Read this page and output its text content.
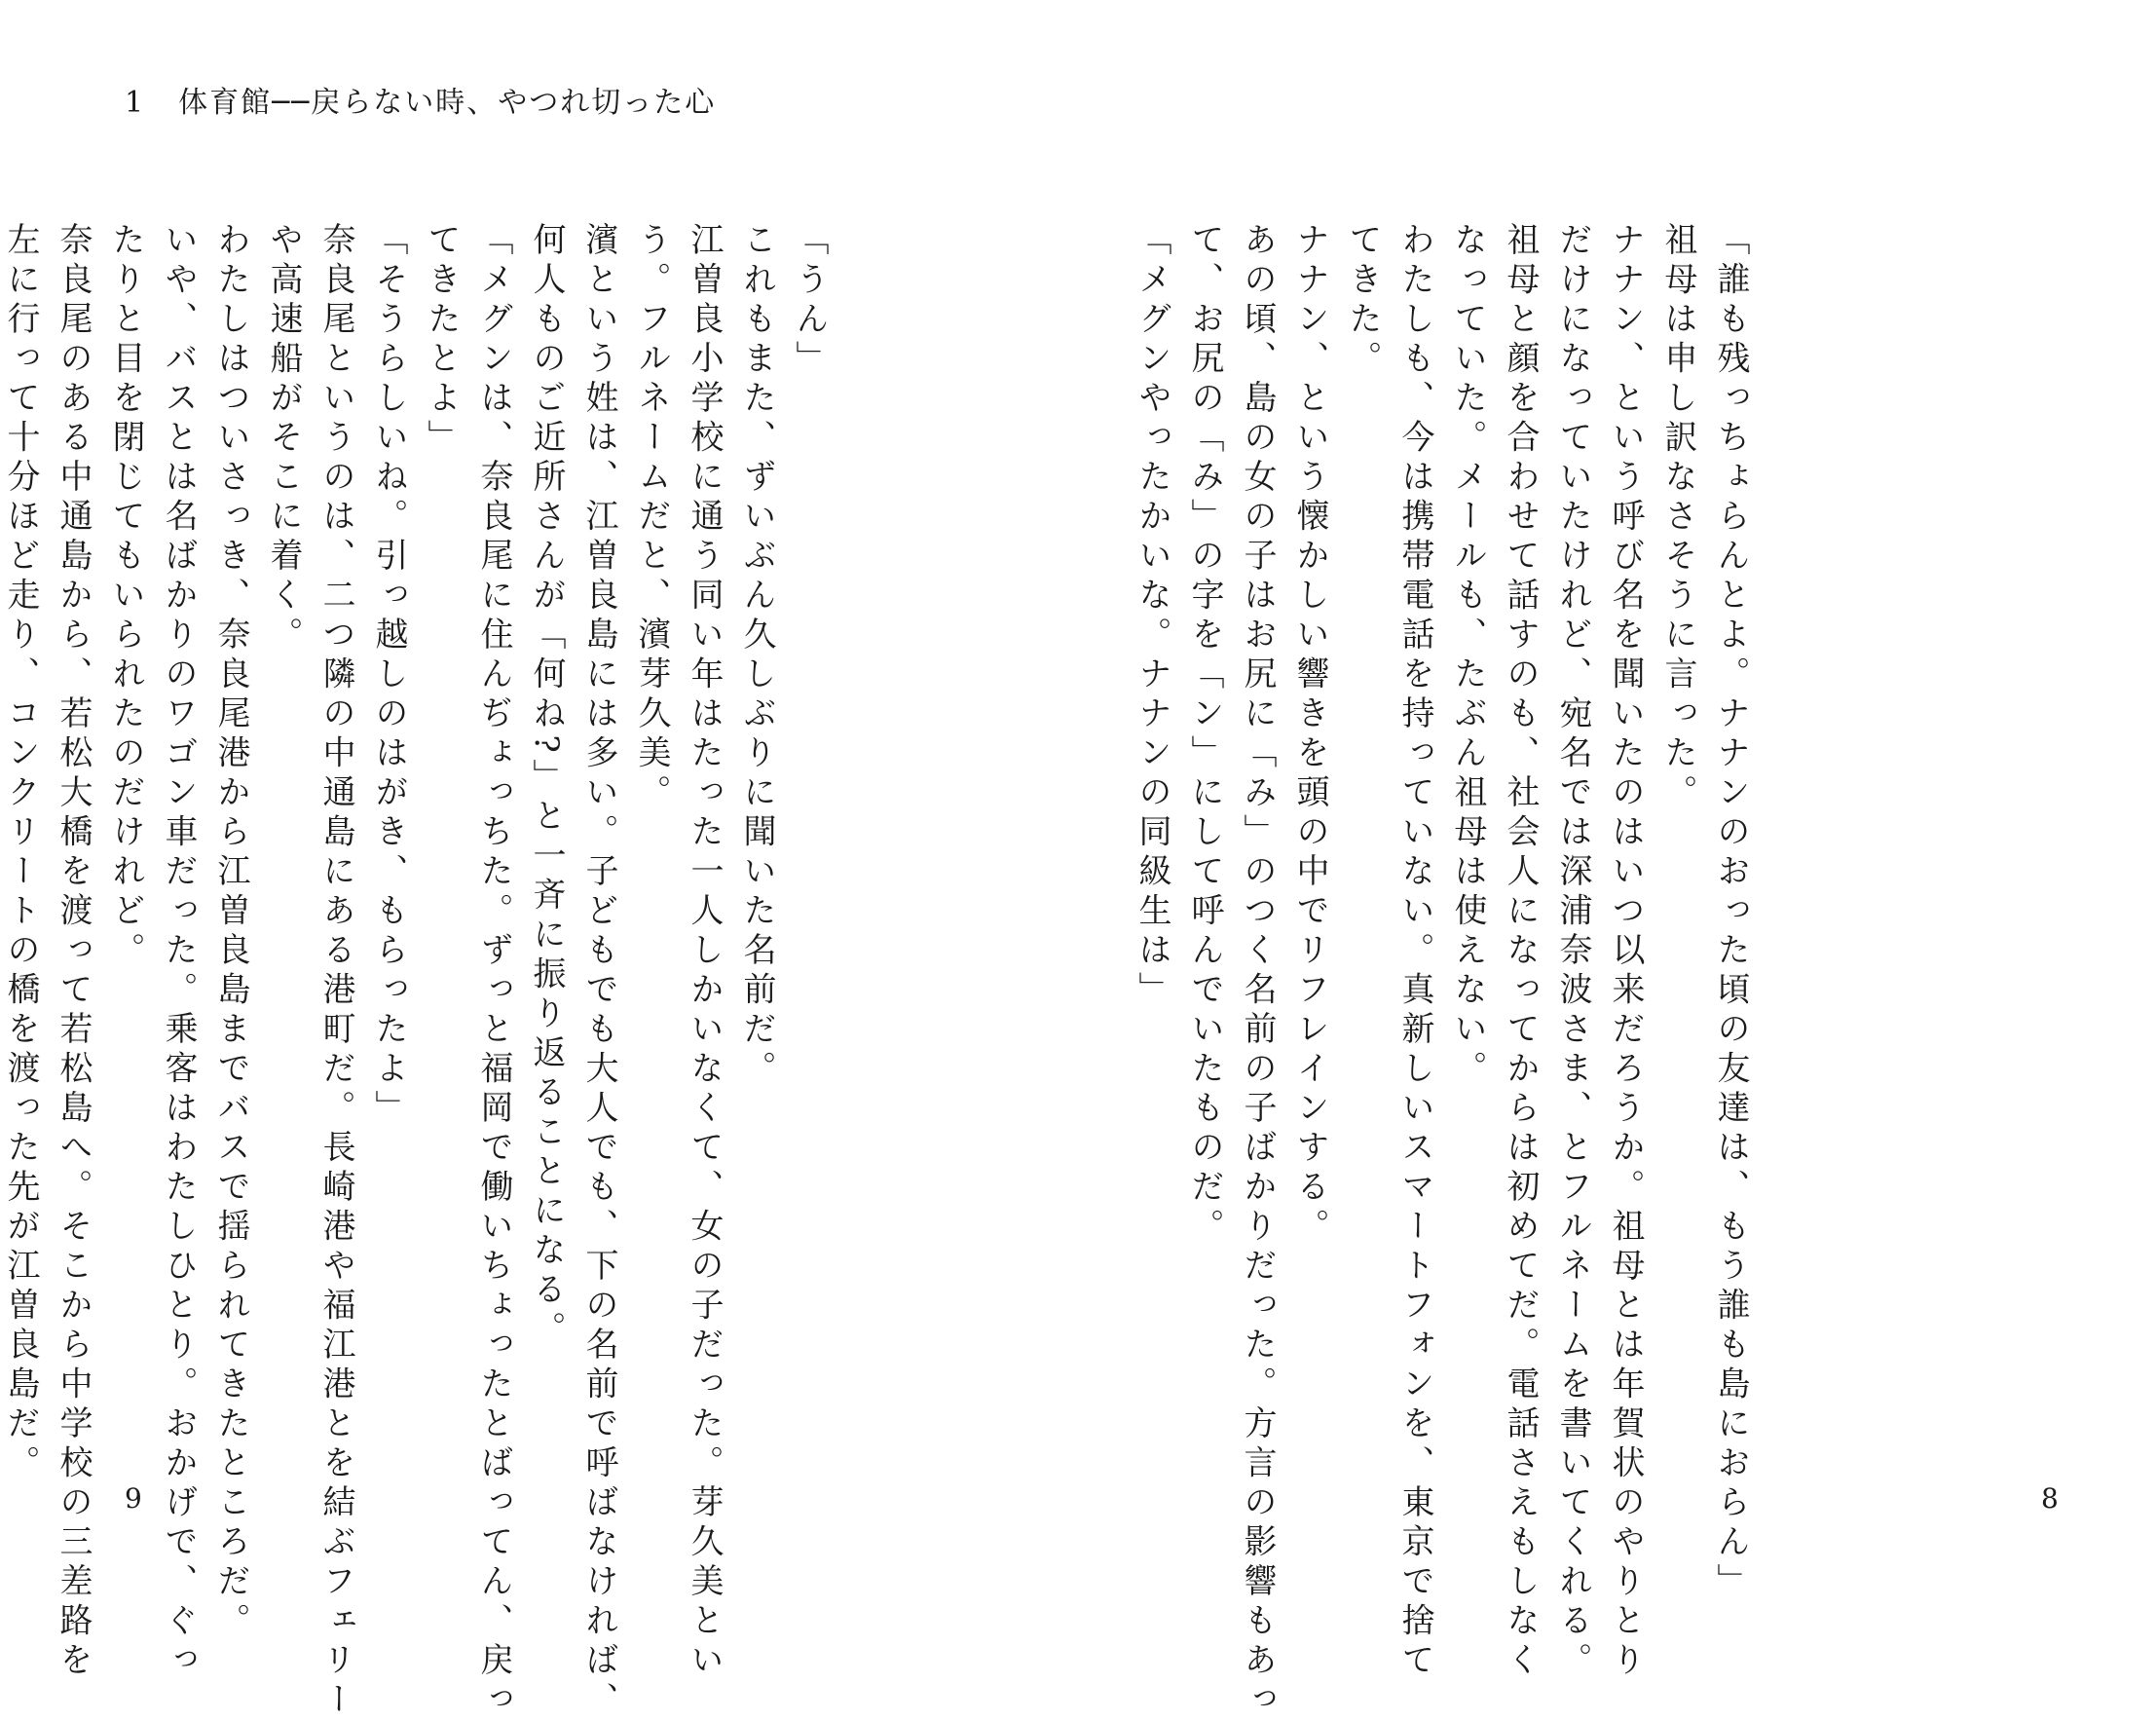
1 体育館──戻らない時、やつれ切った心
「誰も残っちょらんとよ。ナナンのおった頃の友達は、もう誰も島におらん」
祖母は申し訳なさそうに言った。
ナナン、という呼び名を聞いたのはいつ以来だろうか。祖母とは年賀状のやりとり
だけになっていたけれど、宛名では深浦奈波さま、とフルネームを書いてくれる。
祖母と顔を合わせて話すのも、社会人になってからは初めてだ。電話さえもしなく
なっていた。メールも、たぶん祖母は使えない。
わたしも、今は携帯電話を持っていない。真新しいスマートフォンを、東京で捨て
てきた。
ナナン、という懐かしい響きを頭の中でリフレインする。
あの頃、島の女の子はお尻に「み」のつく名前の子ばかりだった。方言の影響もあっ
て、お尻の「み」の字を「ン」にして呼んでいたものだ。
「メグンやったかいな。ナナンの同級生は」
「うん」
これもまた、ずいぶん久しぶりに聞いた名前だ。
江曽良小学校に通う同い年はたった一人しかいなくて、女の子だった。芽久美とい
う。フルネームだと、濱芽久美。
濱という姓は、江曽良島には多い。子どもでも大人でも、下の名前で呼ばなければ、
何人ものご近所さんが「何ね?」と一斉に振り返ることになる。
「メグンは、奈良尾に住んぢょっちた。ずっと福岡で働いちょったとばってん、戻っ
てきたとよ」
「そうらしいね。引っ越しのはがき、もらったよ」
奈良尾というのは、二つ隣の中通島にある港町だ。長崎港や福江港とを結ぶフェリー
や高速船がそこに着く。
わたしはついさっき、奈良尾港から江曽良島までバスで揺られてきたところだ。
いや、バスとは名ばかりのワゴン車だった。乗客はわたしひとり。おかげで、ぐっ
たりと目を閉じてもいられたのだけれど。
奈良尾のある中通島から、若松大橋を渡って若松島へ。そこから中学校の三差路を
左に行って十分ほど走り、コンクリートの橋を渡った先が江曽良島だ。
9	8
